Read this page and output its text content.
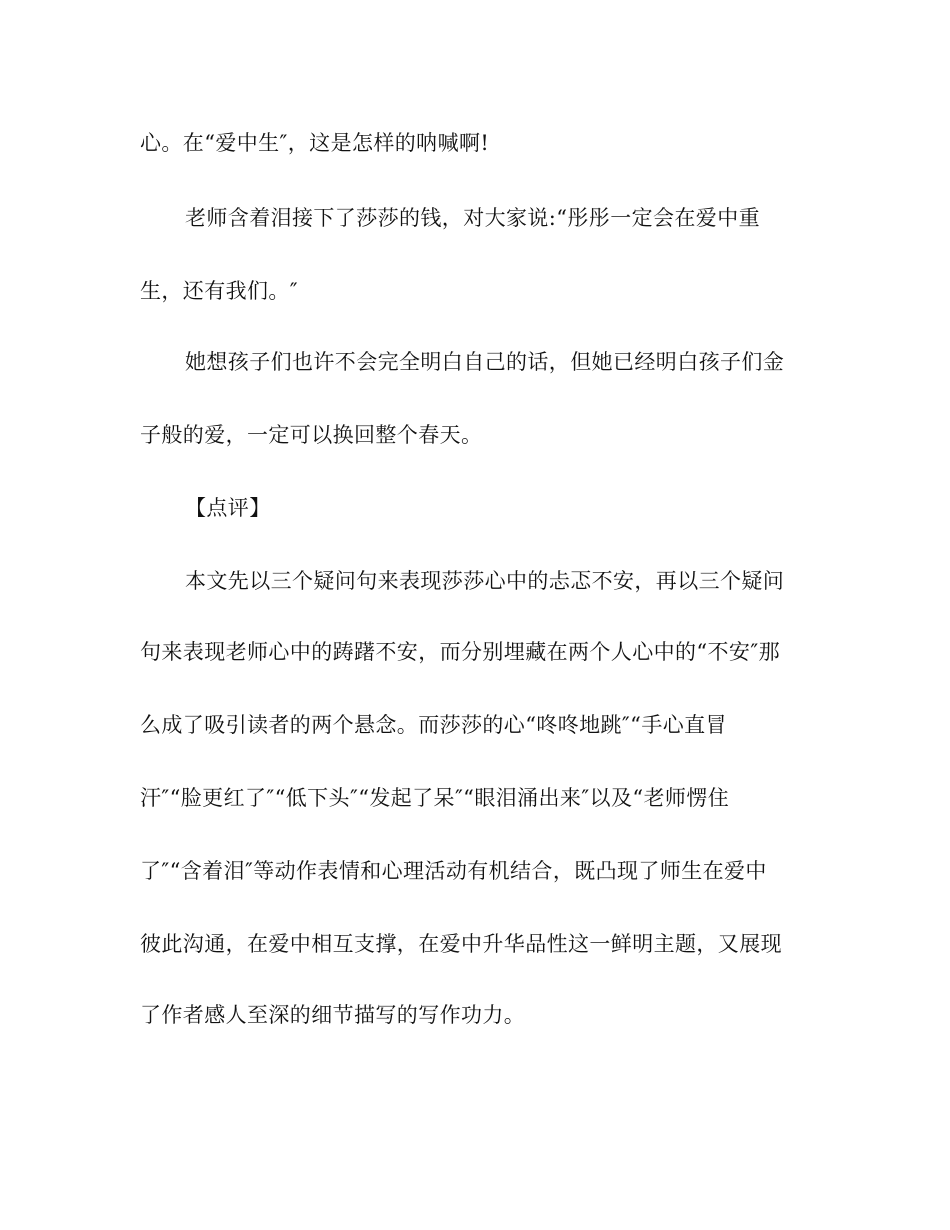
心。在“爱中生″，这是怎样的呐喊啊!
老师含着泪接下了莎莎的钱，对大家说:“彤彤一定会在爱中重
生，还有我们。″
她想孩子们也许不会完全明白自己的话，但她已经明白孩子们金
子般的爱，一定可以换回整个春天。
【点评】
本文先以三个疑问句来表现莎莎心中的忐忑不安，再以三个疑问
句来表现老师心中的踌躇不安，而分别埋藏在两个人心中的“不安″那
么成了吸引读者的两个悬念。而莎莎的心“咚咚地跳″“手心直冒
汗″“脸更红了″“低下头″“发起了呆″“眼泪涌出来″以及“老师愣住
了″“含着泪″等动作表情和心理活动有机结合，既凸现了师生在爱中
彼此沟通，在爱中相互支撑，在爱中升华品性这一鲜明主题，又展现
了作者感人至深的细节描写的写作功力。
